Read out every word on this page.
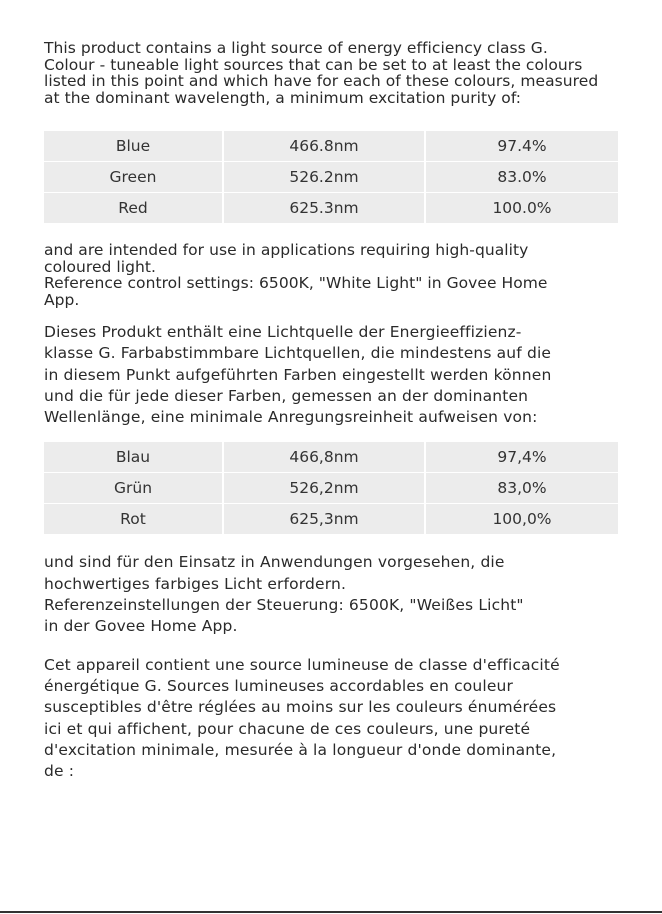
This product contains a light source of energy efficiency class G.
Colour - tuneable light sources that can be set to at least the colours
listed in this point and which have for each of these colours, measured
at the dominant wavelength, a minimum excitation purity of:
Blue	466.8nm	97.4%
Green	526.2nm	83.0%
Red	625.3nm	100.0%
and are intended for use in applications requiring high-quality
coloured light.
Reference control settings: 6500K, "White Light" in Govee Home
App.
Dieses Produkt enthält eine Lichtquelle der Energieeffizienz-
klasse G. Farbabstimmbare Lichtquellen, die mindestens auf die
in diesem Punkt aufgeführten Farben eingestellt werden können
und die für jede dieser Farben, gemessen an der dominanten
Wellenlänge, eine minimale Anregungsreinheit aufweisen von:
Blau	466,8nm	97,4%
Grün	526,2nm	83,0%
Rot	625,3nm	100,0%
und sind für den Einsatz in Anwendungen vorgesehen, die
hochwertiges farbiges Licht erfordern.
Referenzeinstellungen der Steuerung: 6500K, "Weißes Licht"
in der Govee Home App.
Cet appareil contient une source lumineuse de classe d'efficacité
énergétique G. Sources lumineuses accordables en couleur
susceptibles d'être réglées au moins sur les couleurs énumérées
ici et qui affichent, pour chacune de ces couleurs, une pureté
d'excitation minimale, mesurée à la longueur d'onde dominante,
de :
